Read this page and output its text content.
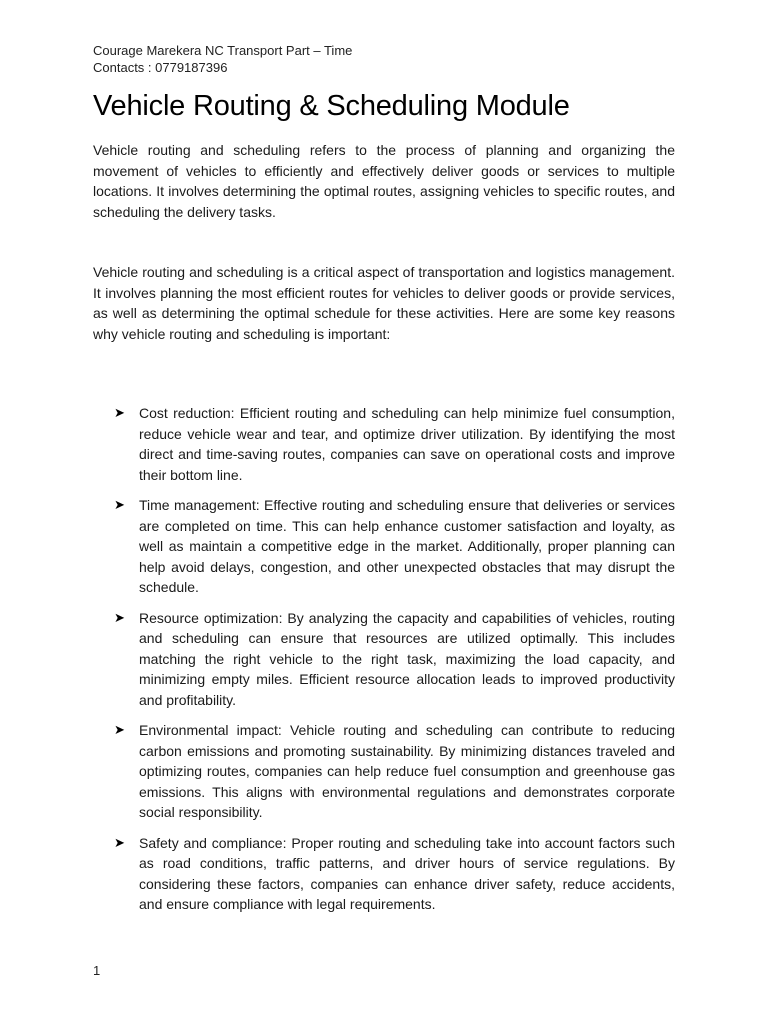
Courage Marekera NC Transport Part – Time
Contacts : 0779187396
Vehicle Routing & Scheduling Module

Vehicle routing and scheduling refers to the process of planning and organizing the movement of vehicles to efficiently and effectively deliver goods or services to multiple locations. It involves determining the optimal routes, assigning vehicles to specific routes, and scheduling the delivery tasks.

Vehicle routing and scheduling is a critical aspect of transportation and logistics management. It involves planning the most efficient routes for vehicles to deliver goods or provide services, as well as determining the optimal schedule for these activities. Here are some key reasons why vehicle routing and scheduling is important:

➤ Cost reduction: Efficient routing and scheduling can help minimize fuel consumption, reduce vehicle wear and tear, and optimize driver utilization. By identifying the most direct and time-saving routes, companies can save on operational costs and improve their bottom line.
➤ Time management: Effective routing and scheduling ensure that deliveries or services are completed on time. This can help enhance customer satisfaction and loyalty, as well as maintain a competitive edge in the market. Additionally, proper planning can help avoid delays, congestion, and other unexpected obstacles that may disrupt the schedule.
➤ Resource optimization: By analyzing the capacity and capabilities of vehicles, routing and scheduling can ensure that resources are utilized optimally. This includes matching the right vehicle to the right task, maximizing the load capacity, and minimizing empty miles. Efficient resource allocation leads to improved productivity and profitability.
➤ Environmental impact: Vehicle routing and scheduling can contribute to reducing carbon emissions and promoting sustainability. By minimizing distances traveled and optimizing routes, companies can help reduce fuel consumption and greenhouse gas emissions. This aligns with environmental regulations and demonstrates corporate social responsibility.
➤ Safety and compliance: Proper routing and scheduling take into account factors such as road conditions, traffic patterns, and driver hours of service regulations. By considering these factors, companies can enhance driver safety, reduce accidents, and ensure compliance with legal requirements.
1
